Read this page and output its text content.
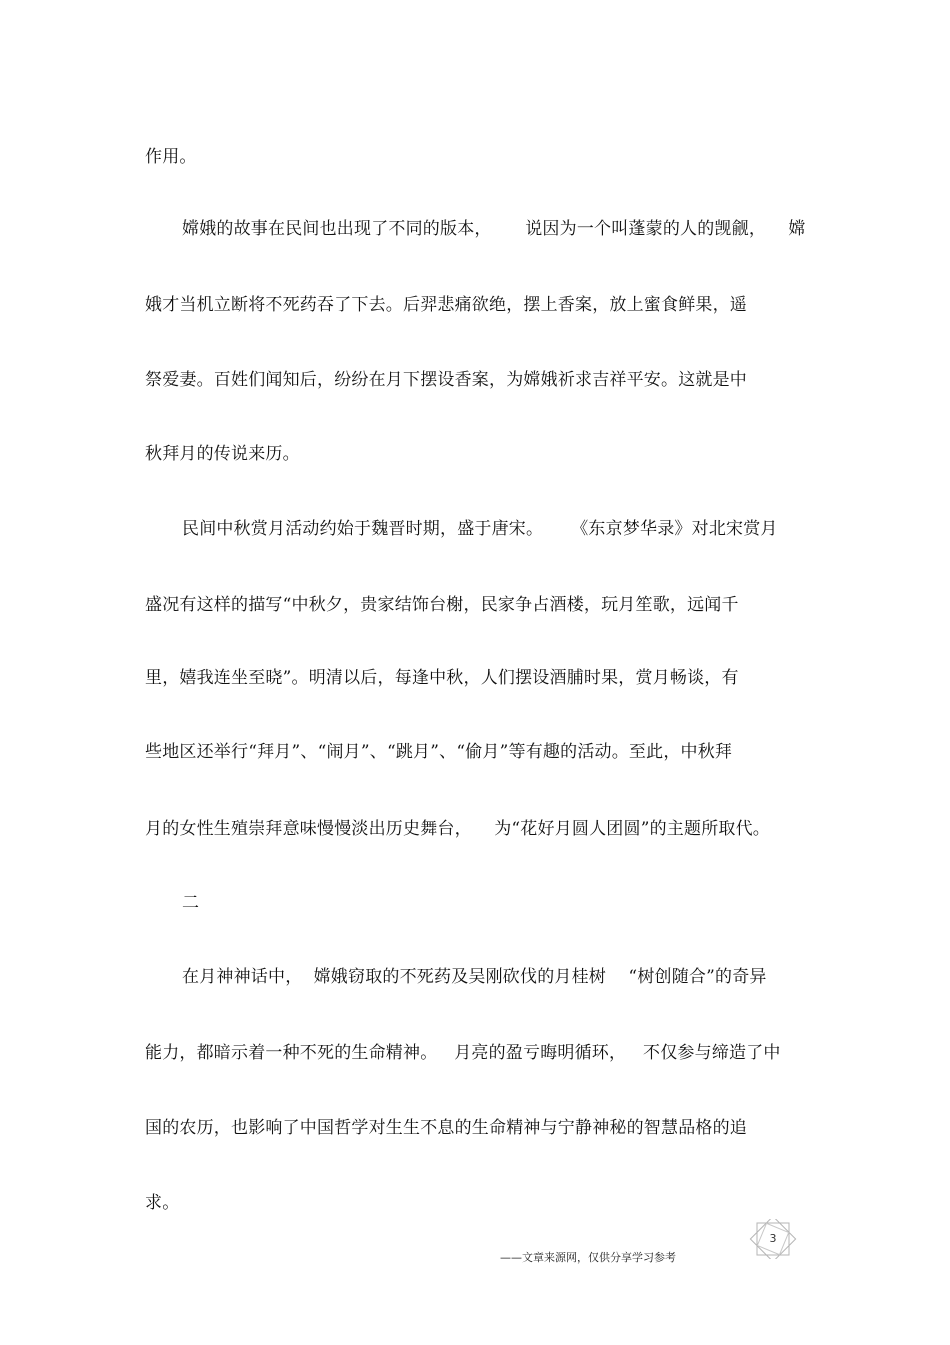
作用。
嫦娥的故事在民间也出现了不同的版本，      说因为一个叫蓬蒙的人的觊觎，    嫦
娥才当机立断将不死药吞了下去。后羿悲痛欲绝，摆上香案，放上蜜食鲜果，遥
祭爱妻。百姓们闻知后，纷纷在月下摆设香案，为嫦娥祈求吉祥平安。这就是中
秋拜月的传说来历。
民间中秋赏月活动约始于魏晋时期，盛于唐宋。     《东京梦华录》对北宋赏月
盛况有这样的描写“中秋夕，贵家结饰台榭，民家争占酒楼，玩月笙歌，远闻千
里，嬉我连坐至晓”。明清以后，每逢中秋，人们摆设酒脯时果，赏月畅谈，有
些地区还举行“拜月”、“闹月”、“跳月”、“偷月”等有趣的活动。至此，中秋拜
月的女性生殖崇拜意味慢慢淡出历史舞台，    为“花好月圆人团圆”的主题所取代。
二
在月神神话中，  嫦娥窃取的不死药及吴刚砍伐的月桂树    “树创随合”的奇异
能力，都暗示着一种不死的生命精神。   月亮的盈亏晦明循环，   不仅参与缔造了中
国的农历，也影响了中国哲学对生生不息的生命精神与宁静神秘的智慧品格的追
求。
3
——文章来源网，仅供分享学习参考
